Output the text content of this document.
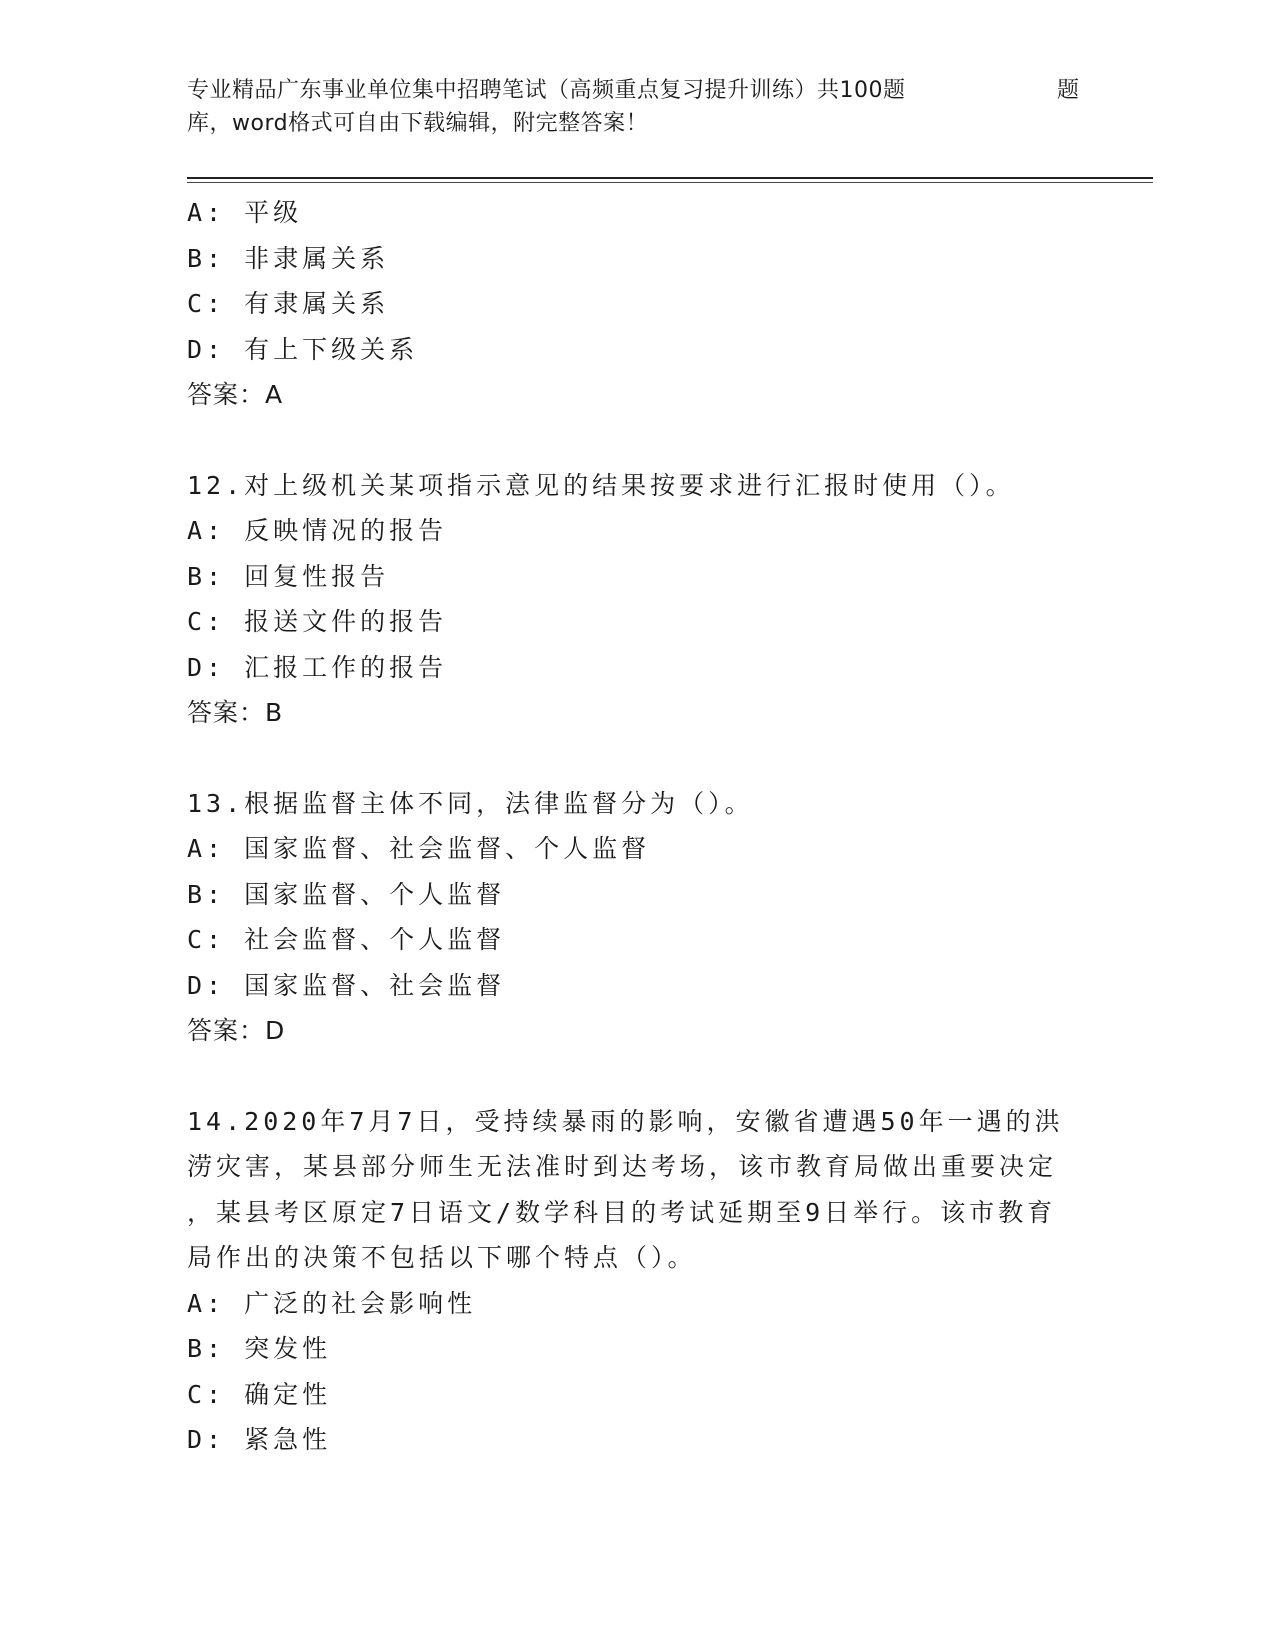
专业精品广东事业单位集中招聘笔试（高频重点复习提升训练）共100题	题
库，word格式可自由下载编辑，附完整答案！
A: 平级
B: 非隶属关系
C: 有隶属关系
D: 有上下级关系
答案：A
12.对上级机关某项指示意见的结果按要求进行汇报时使用（）。
A: 反映情况的报告
B: 回复性报告
C: 报送文件的报告
D: 汇报工作的报告
答案：B
13.根据监督主体不同，法律监督分为（）。
A: 国家监督、社会监督、个人监督
B: 国家监督、个人监督
C: 社会监督、个人监督
D: 国家监督、社会监督
答案：D
14.2020年7月7日，受持续暴雨的影响，安徽省遭遇50年一遇的洪
涝灾害，某县部分师生无法准时到达考场，该市教育局做出重要决定
，某县考区原定7日语文/数学科目的考试延期至9日举行。该市教育
局作出的决策不包括以下哪个特点（）。
A: 广泛的社会影响性
B: 突发性
C: 确定性
D: 紧急性
